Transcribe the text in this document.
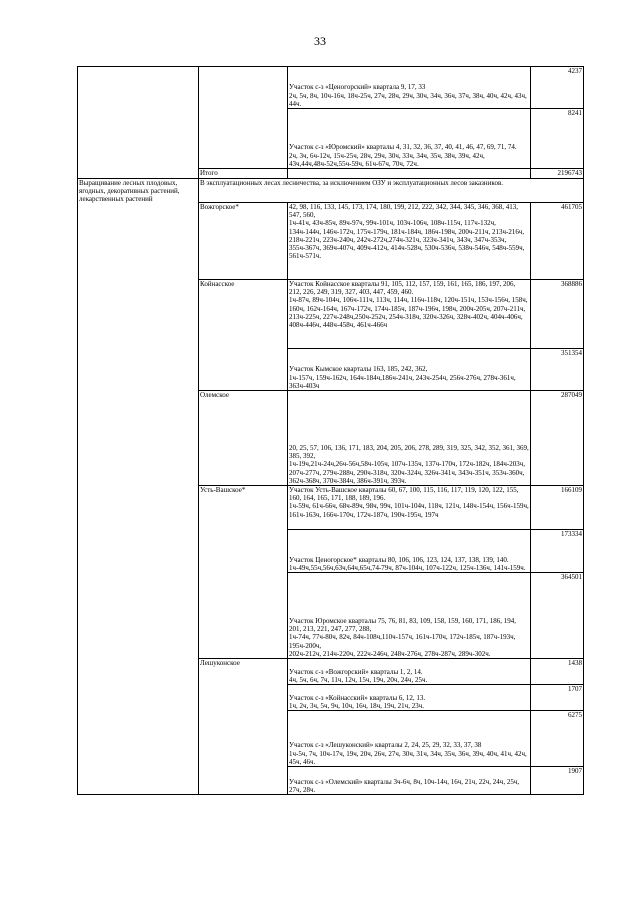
33

		Участок с-з «Ценогорский» квартала 9, 17, 33
2ч, 5ч, 8ч, 10ч-16ч, 18ч-25ч, 27ч, 28ч, 29ч, 30ч, 34ч, 36ч, 37ч, 38ч, 40ч, 42ч, 43ч, 44ч.	4237

		Участок с-з «Юромский» кварталы 4, 31, 32, 36, 37, 40, 41, 46, 47, 69, 71, 74.
2ч, 3ч, 6ч-12ч, 15ч-25ч, 28ч, 29ч, 30ч, 33ч, 34ч, 35ч, 38ч, 39ч, 42ч, 43ч,44ч,48ч-52ч,55ч-59ч, 61ч-67ч, 70ч, 72ч.	8241
	Итого		2196743
Выращивание лесных плодовых, ягодных, декоративных растений, лекарственных растений	В эксплуатационных лесах лесничества, за исключением ОЗУ и эксплуатационных лесов заказников.		
	Вожгорское*	42, 98, 116, 133, 145, 173, 174, 180, 199, 212, 222, 342, 344, 345, 346, 368, 413, 547, 560,
1ч-41ч, 43ч-85ч, 89ч-97ч, 99ч-101ч, 103ч-106ч, 108ч-115ч, 117ч-132ч, 134ч-144ч, 146ч-172ч, 175ч-179ч, 181ч-184ч, 186ч-198ч, 200ч-211ч, 213ч-216ч, 218ч-221ч, 223ч-240ч, 242ч-272ч,274ч-321ч, 323ч-341ч, 343ч, 347ч-353ч, 355ч-367ч, 369ч-407ч, 409ч-412ч, 414ч-528ч, 530ч-536ч, 538ч-546ч, 548ч-559ч, 561ч-571ч.	461705
	Койнасское	Участок Койнасское кварталы 91, 105, 112, 157, 159, 161, 165, 186, 197, 206, 212, 226, 249, 319, 327, 403, 447, 459, 460.
1ч-87ч, 89ч-104ч, 106ч-111ч, 113ч, 114ч, 116ч-118ч, 120ч-151ч, 153ч-156ч, 158ч, 160ч, 162ч-164ч, 167ч-172ч, 174ч-185ч, 187ч-196ч, 198ч, 200ч-205ч, 207ч-211ч, 213ч-225ч, 227ч-248ч,250ч-252ч, 254ч-318ч, 320ч-326ч, 328ч-402ч, 404ч-406ч, 408ч-446ч, 448ч-458ч, 461ч-466ч	368886

		Участок Кымское кварталы 163, 185, 242, 362,
1ч-157ч, 159ч-162ч, 164ч-184ч,186ч-241ч, 243ч-254ч, 256ч-276ч, 278ч-361ч, 363ч-403ч	351354
	Олемское	20, 25, 57, 106, 136, 171, 183, 204, 205, 206, 278, 289, 319, 325, 342, 352, 361, 369, 385, 392,
1ч-19ч,21ч-24ч,26ч-56ч,58ч-105ч, 107ч-135ч, 137ч-170ч, 172ч-182ч, 184ч-203ч, 207ч-277ч, 279ч-288ч, 290ч-318ч, 320ч-324ч, 326ч-341ч, 343ч-351ч, 353ч-360ч, 362ч-368ч, 370ч-384ч, 386ч-391ч, 393ч.	287049
	Усть-Вашское*	Участок Усть-Вашское кварталы 60, 67, 100, 115, 116, 117, 119, 120, 122, 155, 160, 164, 165, 171, 188, 189, 196.
1ч-59ч, 61ч-66ч, 68ч-89ч, 98ч, 99ч, 101ч-104ч, 118ч, 121ч, 148ч-154ч, 156ч-159ч, 161ч-163ч, 166ч-170ч, 172ч-187ч, 190ч-195ч, 197ч	166109

		Участок Ценогорское* кварталы 80, 106, 106, 123, 124, 137, 138, 139, 140.
1ч-49ч,55ч,56ч,63ч,64ч,65ч,74-79ч, 87ч-104ч, 107ч-122ч, 125ч-136ч, 141ч-159ч.	173334

		Участок Юромское кварталы 75, 76, 81, 83, 109, 158, 159, 160, 171, 186, 194, 201, 213, 221, 247, 277, 288,
1ч-74ч, 77ч-80ч, 82ч, 84ч-108ч,110ч-157ч, 161ч-170ч, 172ч-185ч, 187ч-193ч, 195ч-200ч,
202ч-212ч, 214ч-220ч, 222ч-246ч, 248ч-276ч, 278ч-287ч, 289ч-302ч.	364501
	Лешуконское	Участок с-з «Вожгорский» кварталы 1, 2, 14.
4ч, 5ч, 6ч, 7ч, 11ч, 12ч, 15ч, 19ч, 20ч, 24ч, 25ч.	1438

		Участок с-з «Койнасский» кварталы 6, 12, 13.
1ч, 2ч, 3ч, 5ч, 9ч, 10ч, 16ч, 18ч, 19ч, 21ч, 23ч.	1707

		Участок с-з «Лешуконский» кварталы 2, 24, 25, 29, 32, 33, 37, 38
1ч-5ч, 7ч, 10ч-17ч, 19ч, 20ч, 26ч, 27ч, 30ч, 31ч, 34ч, 35ч, 36ч, 39ч, 40ч, 41ч, 42ч, 45ч, 46ч.	6275

		Участок с-з «Олемский» кварталы 3ч-6ч, 8ч, 10ч-14ч, 16ч, 21ч, 22ч, 24ч, 25ч, 27ч, 28ч.	1907
